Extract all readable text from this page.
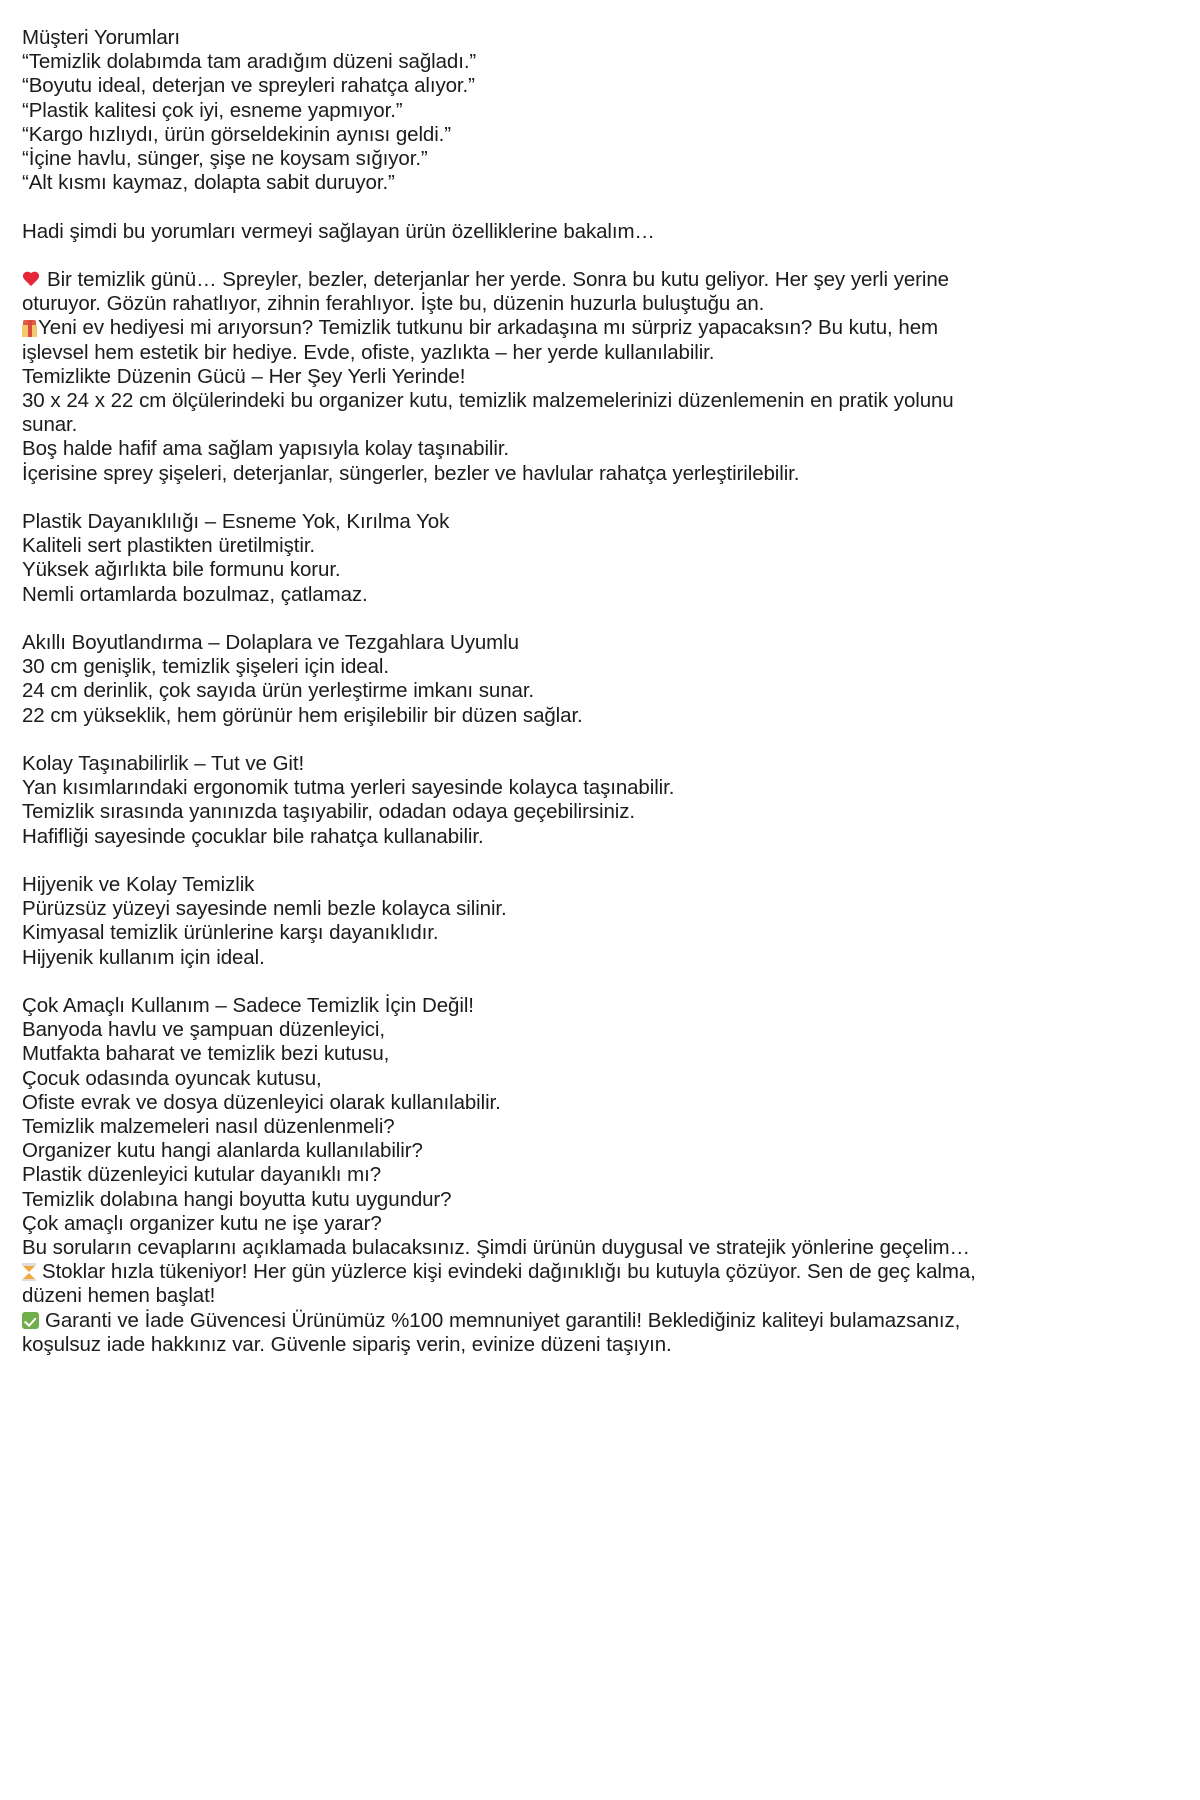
Müşteri Yorumları
“Temizlik dolabımda tam aradığım düzeni sağladı.”
“Boyutu ideal, deterjan ve spreyleri rahatça alıyor.”
“Plastik kalitesi çok iyi, esneme yapmıyor.”
“Kargo hızlıydı, ürün görseldekinin aynısı geldi.”
“İçine havlu, sünger, şişe ne koysam sığıyor.”
“Alt kısmı kaymaz, dolapta sabit duruyor.”
Hadi şimdi bu yorumları vermeyi sağlayan ürün özelliklerine bakalım…
Bir temizlik günü… Spreyler, bezler, deterjanlar her yerde. Sonra bu kutu geliyor. Her şey yerli yerine oturuyor. Gözün rahatlıyor, zihnin ferahlıyor. İşte bu, düzenin huzurla buluştuğu an.
Yeni ev hediyesi mi arıyorsun? Temizlik tutkunu bir arkadaşına mı sürpriz yapacaksın? Bu kutu, hem işlevsel hem estetik bir hediye. Evde, ofiste, yazlıkta – her yerde kullanılabilir.
Temizlikte Düzenin Gücü – Her Şey Yerli Yerinde!
30 x 24 x 22 cm ölçülerindeki bu organizer kutu, temizlik malzemelerinizi düzenlemenin en pratik yolunu sunar.
Boş halde hafif ama sağlam yapısıyla kolay taşınabilir.
İçerisine sprey şişeleri, deterjanlar, süngerler, bezler ve havlular rahatça yerleştirilebilir.
Plastik Dayanıklılığı – Esneme Yok, Kırılma Yok
Kaliteli sert plastikten üretilmiştir.
Yüksek ağırlıkta bile formunu korur.
Nemli ortamlarda bozulmaz, çatlamaz.
Akıllı Boyutlandırma – Dolaplara ve Tezgahlara Uyumlu
30 cm genişlik, temizlik şişeleri için ideal.
24 cm derinlik, çok sayıda ürün yerleştirme imkanı sunar.
22 cm yükseklik, hem görünür hem erişilebilir bir düzen sağlar.
Kolay Taşınabilirlik – Tut ve Git!
Yan kısımlarındaki ergonomik tutma yerleri sayesinde kolayca taşınabilir.
Temizlik sırasında yanınızda taşıyabilir, odadan odaya geçebilirsiniz.
Hafifliği sayesinde çocuklar bile rahatça kullanabilir.
Hijyenik ve Kolay Temizlik
Pürüzsüz yüzeyi sayesinde nemli bezle kolayca silinir.
Kimyasal temizlik ürünlerine karşı dayanıklıdır.
Hijyenik kullanım için ideal.
Çok Amaçlı Kullanım – Sadece Temizlik İçin Değil!
Banyoda havlu ve şampuan düzenleyici,
Mutfakta baharat ve temizlik bezi kutusu,
Çocuk odasında oyuncak kutusu,
Ofiste evrak ve dosya düzenleyici olarak kullanılabilir.
Temizlik malzemeleri nasıl düzenlenmeli?
Organizer kutu hangi alanlarda kullanılabilir?
Plastik düzenleyici kutular dayanıklı mı?
Temizlik dolabına hangi boyutta kutu uygundur?
Çok amaçlı organizer kutu ne işe yarar?
Bu soruların cevaplarını açıklamada bulacaksınız. Şimdi ürünün duygusal ve stratejik yönlerine geçelim…
Stoklar hızla tükeniyor! Her gün yüzlerce kişi evindeki dağınıklığı bu kutuyla çözüyor. Sen de geç kalma, düzeni hemen başlat!
Garanti ve İade Güvencesi Ürünümüz %100 memnuniyet garantili! Beklediğiniz kaliteyi bulamazsanız, koşulsuz iade hakkınız var. Güvenle sipariş verin, evinize düzeni taşıyın.
